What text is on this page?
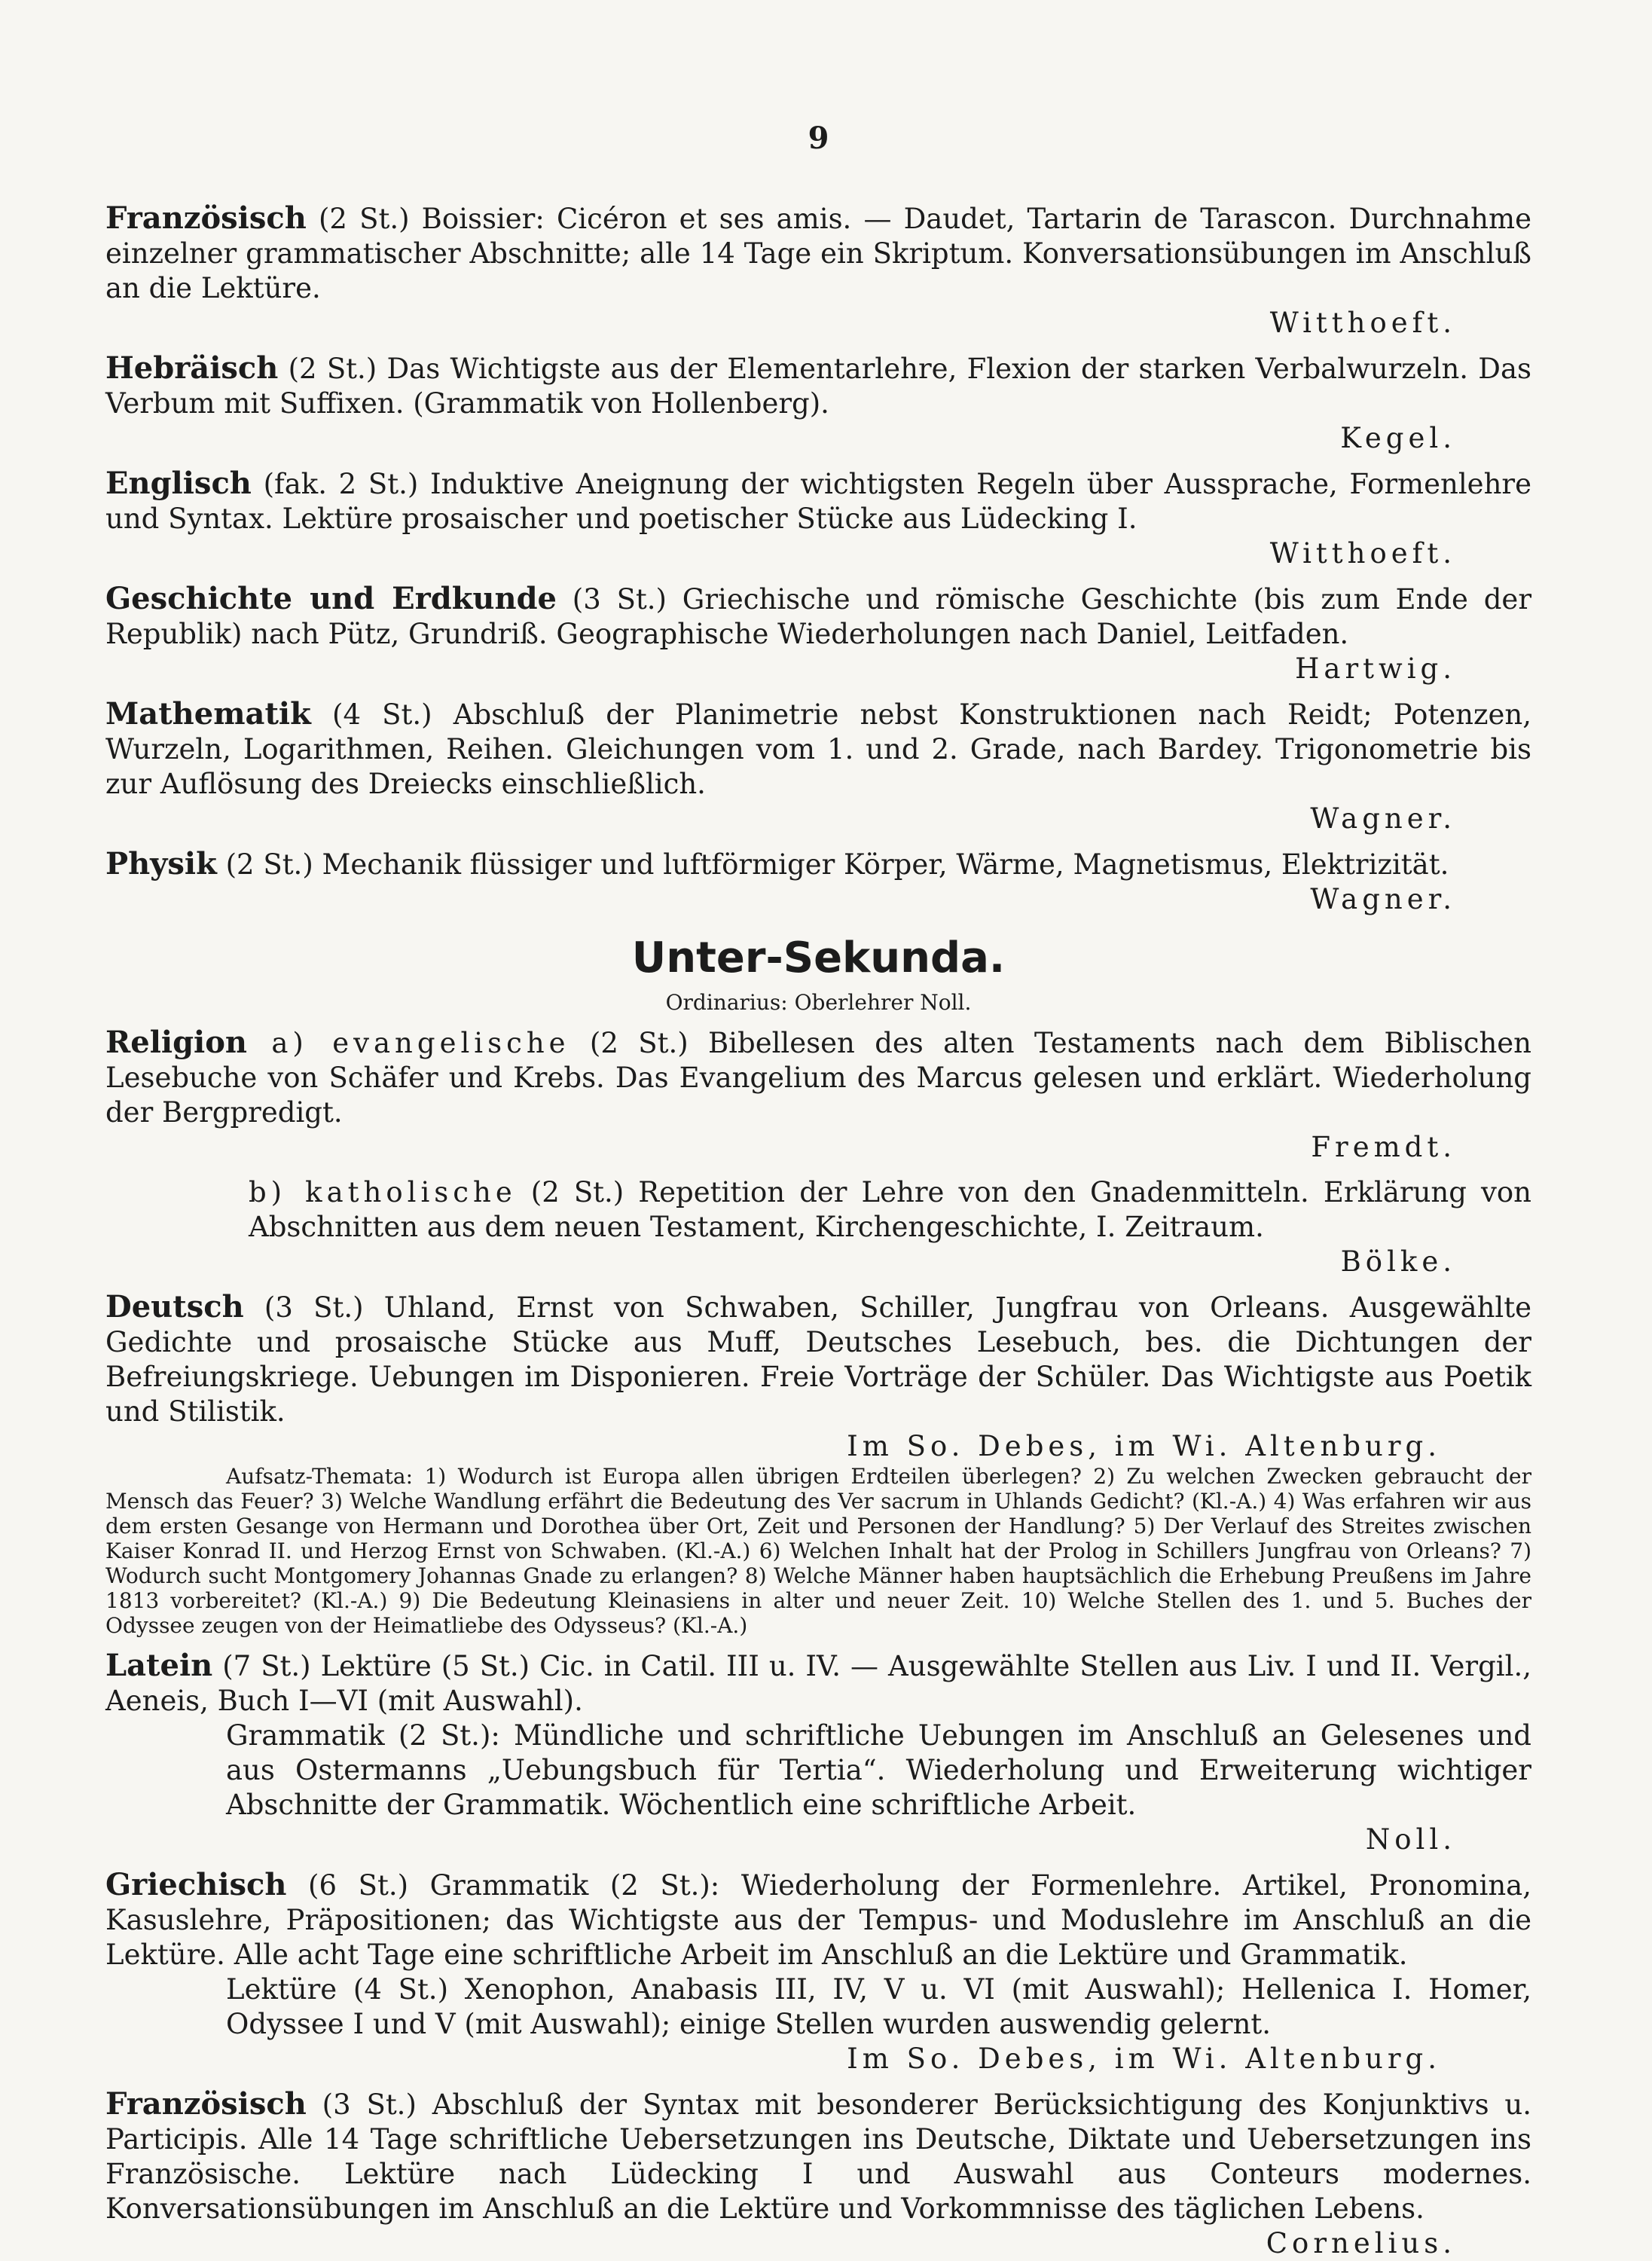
9

Französisch (2 St.) Boissier: Cicéron et ses amis. — Daudet, Tartarin de Tarascon. Durchnahme einzelner grammatischer Abschnitte; alle 14 Tage ein Skriptum. Konversationsübungen im Anschluß an die Lektüre.

Witthoeft.

Hebräisch (2 St.) Das Wichtigste aus der Elementarlehre, Flexion der starken Verbalwurzeln. Das Verbum mit Suffixen. (Grammatik von Hollenberg).

Kegel.

Englisch (fak. 2 St.) Induktive Aneignung der wichtigsten Regeln über Aussprache, Formenlehre und Syntax. Lektüre prosaischer und poetischer Stücke aus Lüdecking I.

Witthoeft.

Geschichte und Erdkunde (3 St.) Griechische und römische Geschichte (bis zum Ende der Republik) nach Pütz, Grundriß. Geographische Wiederholungen nach Daniel, Leitfaden.

Hartwig.

Mathematik (4 St.) Abschluß der Planimetrie nebst Konstruktionen nach Reidt; Potenzen, Wurzeln, Logarithmen, Reihen. Gleichungen vom 1. und 2. Grade, nach Bardey. Trigonometrie bis zur Auflösung des Dreiecks einschließlich.

Wagner.

Physik (2 St.) Mechanik flüssiger und luftförmiger Körper, Wärme, Magnetismus, Elektrizität.

Wagner.

Unter-Sekunda.
Ordinarius: Oberlehrer Noll.

Religion a) evangelische (2 St.) Bibellesen des alten Testaments nach dem Biblischen Lesebuche von Schäfer und Krebs. Das Evangelium des Marcus gelesen und erklärt. Wiederholung der Bergpredigt.

Fremdt.

b) katholische (2 St.) Repetition der Lehre von den Gnadenmitteln. Erklärung von Abschnitten aus dem neuen Testament, Kirchengeschichte, I. Zeitraum.

Bölke.

Deutsch (3 St.) Uhland, Ernst von Schwaben, Schiller, Jungfrau von Orleans. Ausgewählte Gedichte und prosaische Stücke aus Muff, Deutsches Lesebuch, bes. die Dichtungen der Befreiungskriege. Uebungen im Disponieren. Freie Vorträge der Schüler. Das Wichtigste aus Poetik und Stilistik.

Im So. Debes, im Wi. Altenburg.

Aufsatz-Themata: 1) Wodurch ist Europa allen übrigen Erdteilen überlegen? 2) Zu welchen Zwecken gebraucht der Mensch das Feuer? 3) Welche Wandlung erfährt die Bedeutung des Ver sacrum in Uhlands Gedicht? (Kl.-A.) 4) Was erfahren wir aus dem ersten Gesange von Hermann und Dorothea über Ort, Zeit und Personen der Handlung? 5) Der Verlauf des Streites zwischen Kaiser Konrad II. und Herzog Ernst von Schwaben. (Kl.-A.) 6) Welchen Inhalt hat der Prolog in Schillers Jungfrau von Orleans? 7) Wodurch sucht Montgomery Johannas Gnade zu erlangen? 8) Welche Männer haben hauptsächlich die Erhebung Preußens im Jahre 1813 vorbereitet? (Kl.-A.) 9) Die Bedeutung Kleinasiens in alter und neuer Zeit. 10) Welche Stellen des 1. und 5. Buches der Odyssee zeugen von der Heimatliebe des Odysseus? (Kl.-A.)

Latein (7 St.) Lektüre (5 St.) Cic. in Catil. III u. IV. — Ausgewählte Stellen aus Liv. I und II. Vergil., Aeneis, Buch I—VI (mit Auswahl).

Grammatik (2 St.): Mündliche und schriftliche Uebungen im Anschluß an Gelesenes und aus Ostermanns „Uebungsbuch für Tertia“. Wiederholung und Erweiterung wichtiger Abschnitte der Grammatik. Wöchentlich eine schriftliche Arbeit.

Noll.

Griechisch (6 St.) Grammatik (2 St.): Wiederholung der Formenlehre. Artikel, Pronomina, Kasuslehre, Präpositionen; das Wichtigste aus der Tempus- und Moduslehre im Anschluß an die Lektüre. Alle acht Tage eine schriftliche Arbeit im Anschluß an die Lektüre und Grammatik.

Lektüre (4 St.) Xenophon, Anabasis III, IV, V u. VI (mit Auswahl); Hellenica I. Homer, Odyssee I und V (mit Auswahl); einige Stellen wurden auswendig gelernt.

Im So. Debes, im Wi. Altenburg.

Französisch (3 St.) Abschluß der Syntax mit besonderer Berücksichtigung des Konjunktivs u. Participis. Alle 14 Tage schriftliche Uebersetzungen ins Deutsche, Diktate und Uebersetzungen ins Französische. Lektüre nach Lüdecking I und Auswahl aus Conteurs modernes. Konversationsübungen im Anschluß an die Lektüre und Vorkommnisse des täglichen Lebens.

Cornelius.
